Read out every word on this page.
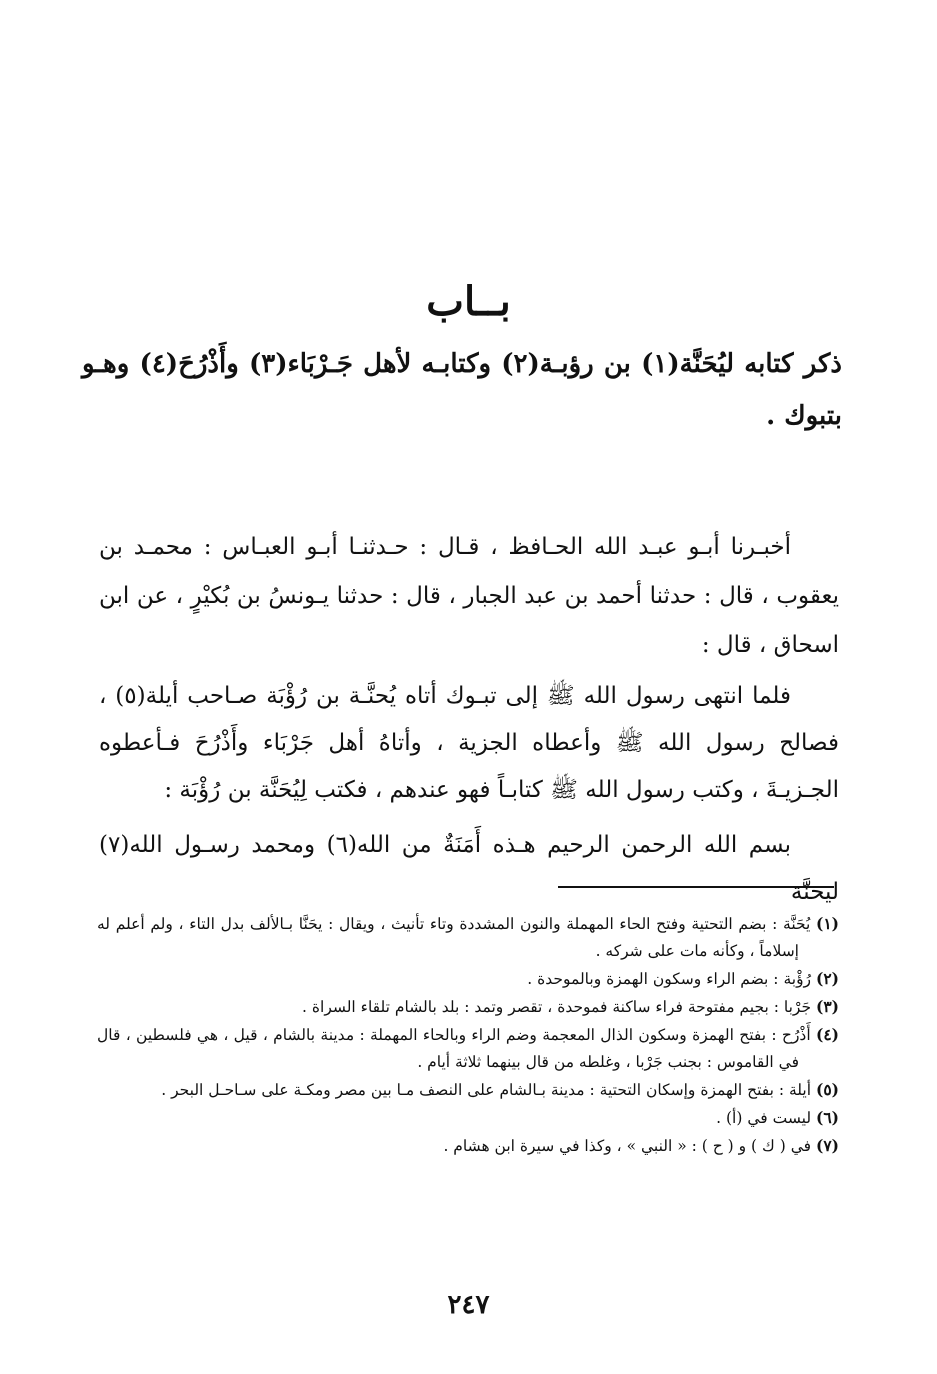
بــاب
ذكر كتابه ليُحَنَّة(١) بن رؤبـة(٢) وكتابـه لأهل جَـرْبَاء(٣) وأَذْرُحَ(٤) وهـو بتبوك .

أخبـرنا أبـو عبـد الله الحـافظ ، قـال : حـدثنـا أبـو العبـاس : محمـد بن يعقوب ، قال : حدثنا أحمد بن عبد الجبار ، قال : حدثنا يـونسُ بن بُكيْرٍ ، عن ابن اسحاق ، قال :

فلما انتهى رسول الله ﷺ إلى تبـوك أتاه يُحنَّـة بن رُؤْبَة صـاحب أيلة(٥) ، فصالح رسول الله ﷺ وأعطاه الجزية ، وأتاهُ أهل جَرْبَاء وأَذْرُحَ فـأعطوه الجـزيـةَ ، وكتب رسول الله ﷺ كتابـاً فهو عندهم ، فكتب لِيُحَنَّة بن رُؤْبَة :

بسم الله الرحمن الرحيم هـذه أَمَنَةٌ من الله(٦) ومحمد رسـول الله(٧) ليحنَّة

(١) يُحَنَّة : بضم التحتية وفتح الحاء المهملة والنون المشددة وتاء تأنيث ، ويقال : يحَنَّا بـالألف بدل التاء ، ولم أعلم له إسلاماً ، وكأنه مات على شركه .
(٢) رُؤْبة : بضم الراء وسكون الهمزة وبالموحدة .
(٣) جَرْبا : بجيم مفتوحة فراء ساكنة فموحدة ، تقصر وتمد : بلد بالشام تلقاء السراة .
(٤) أَذْرُح : بفتح الهمزة وسكون الذال المعجمة وضم الراء وبالحاء المهملة : مدينة بالشام ، قيل ، هي فلسطين ، قال في القاموس : بجنب جَرْبا ، وغلطه من قال بينهما ثلاثة أيام .
(٥) أيلة : بفتح الهمزة وإسكان التحتية : مدينة بـالشام على النصف مـا بين مصر ومكـة على سـاحـل البحر .
(٦) ليست في (أ) .
(٧) في ( ك ) و ( ح ) : « النبي » ، وكذا في سيرة ابن هشام .
٢٤٧
